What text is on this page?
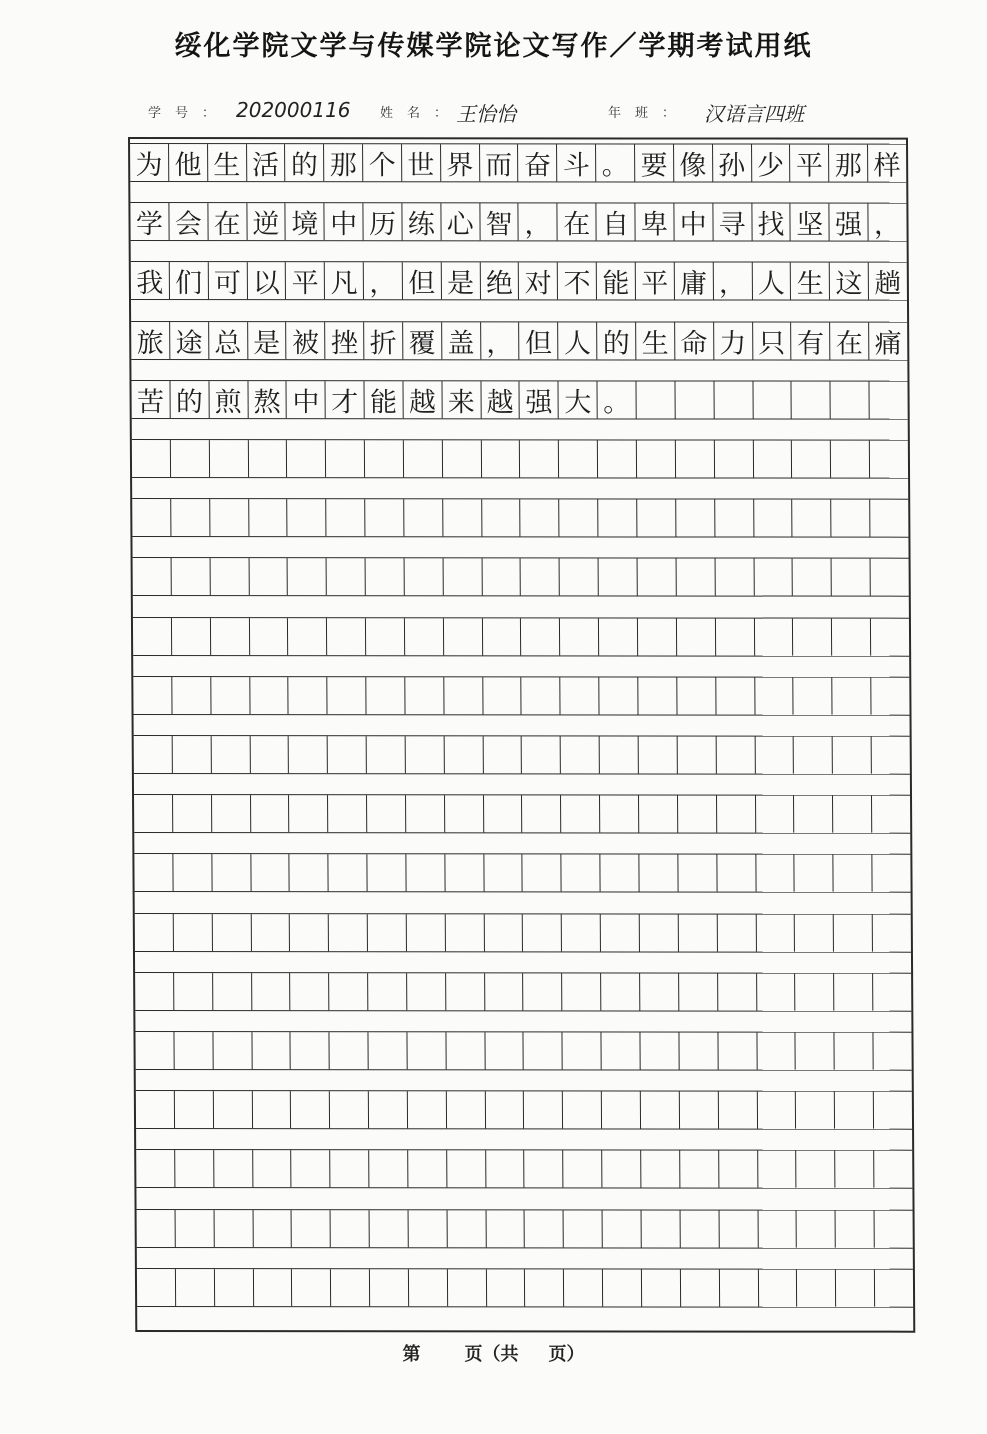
绥化学院文学与传媒学院论文写作／学期考试用纸
学号： 202000116 姓名：
王怡怡	年班： 汉语言四班
为 他 生 活 的 那 个 世 界 而 奋 斗 。 要 像 孙 少 平 那 样
学 会 在 逆 境 中 历 练 心 智 ， 在 自 卑 中 寻 找 坚 强 ，
我 们 可 以 平 凡 ， 但 是 绝 对 不 能 平 庸 ， 人 生 这 趟
旅 途 总 是 被 挫 折 覆 盖 ， 但 人 的 生 命 力 只 有 在 痛
苦 的 煎 熬 中 才 能 越 来 越 强 大 。
第 页（共 页）
